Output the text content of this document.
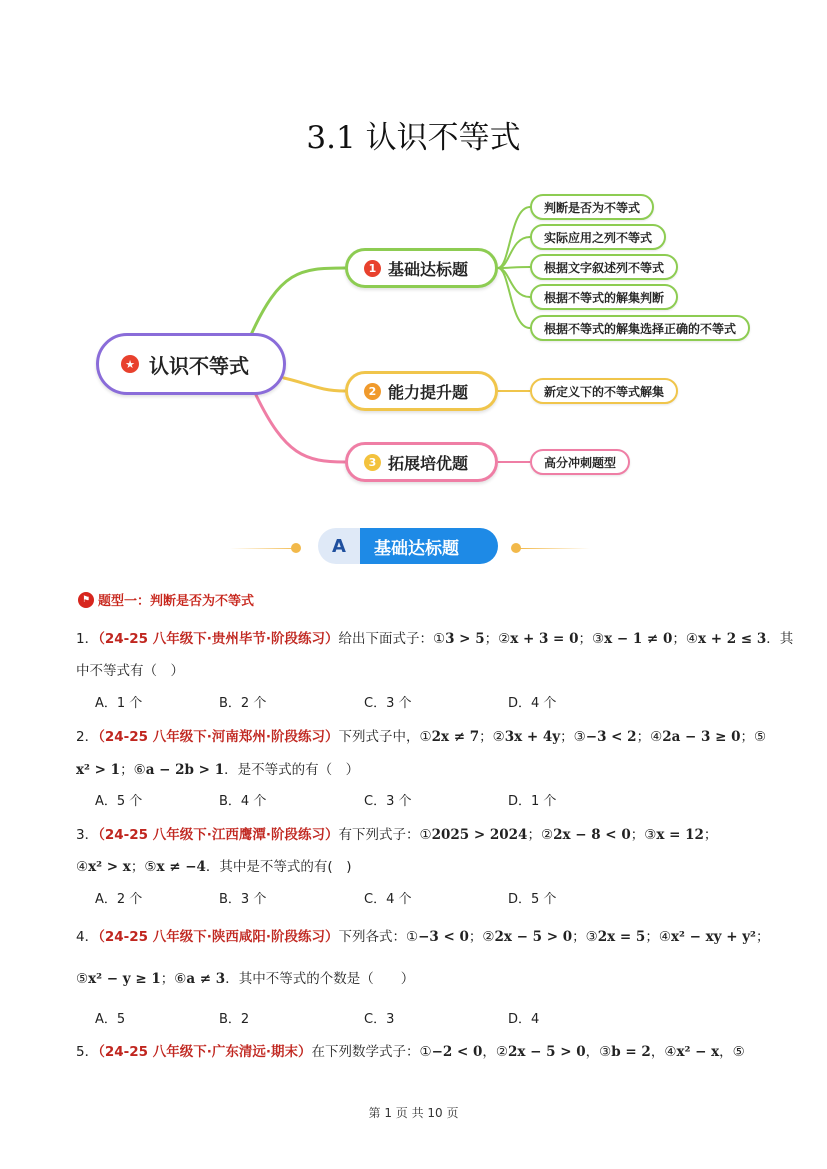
3.1 认识不等式
★ 认识不等式
1 基础达标题
2 能力提升题
3 拓展培优题
判断是否为不等式
实际应用之列不等式
根据文字叙述列不等式
根据不等式的解集判断
根据不等式的解集选择正确的不等式
新定义下的不等式解集
高分冲刺题型
A	基础达标题
⚑ 题型一：判断是否为不等式
1．（24-25 八年级下·贵州毕节·阶段练习）给出下面式子：①3 > 5；②x + 3 = 0；③x − 1 ≠ 0；④x + 2 ≤ 3．其
中不等式有（　）
A．1 个	B．2 个	C．3 个	D．4 个
2．（24-25 八年级下·河南郑州·阶段练习）下列式子中，①2x ≠ 7；②3x + 4y；③−3 < 2；④2a − 3 ≥ 0；⑤
x² > 1；⑥a − 2b > 1．是不等式的有（　）
A．5 个	B．4 个	C．3 个	D．1 个
3．（24-25 八年级下·江西鹰潭·阶段练习）有下列式子：①2025 > 2024；②2x − 8 < 0；③x = 12；
④x² > x；⑤x ≠ −4．其中是不等式的有(　)
A．2 个	B．3 个	C．4 个	D．5 个
4．（24-25 八年级下·陕西咸阳·阶段练习）下列各式：①−3 < 0；②2x − 5 > 0；③2x = 5；④x² − xy + y²；
⑤x² − y ≥ 1；⑥a ≠ 3．其中不等式的个数是（　　）
A．5	B．2	C．3	D．4
5．（24-25 八年级下·广东清远·期末）在下列数学式子：①−2 < 0，②2x − 5 > 0，③b = 2，④x² − x，⑤
第 1 页 共 10 页
